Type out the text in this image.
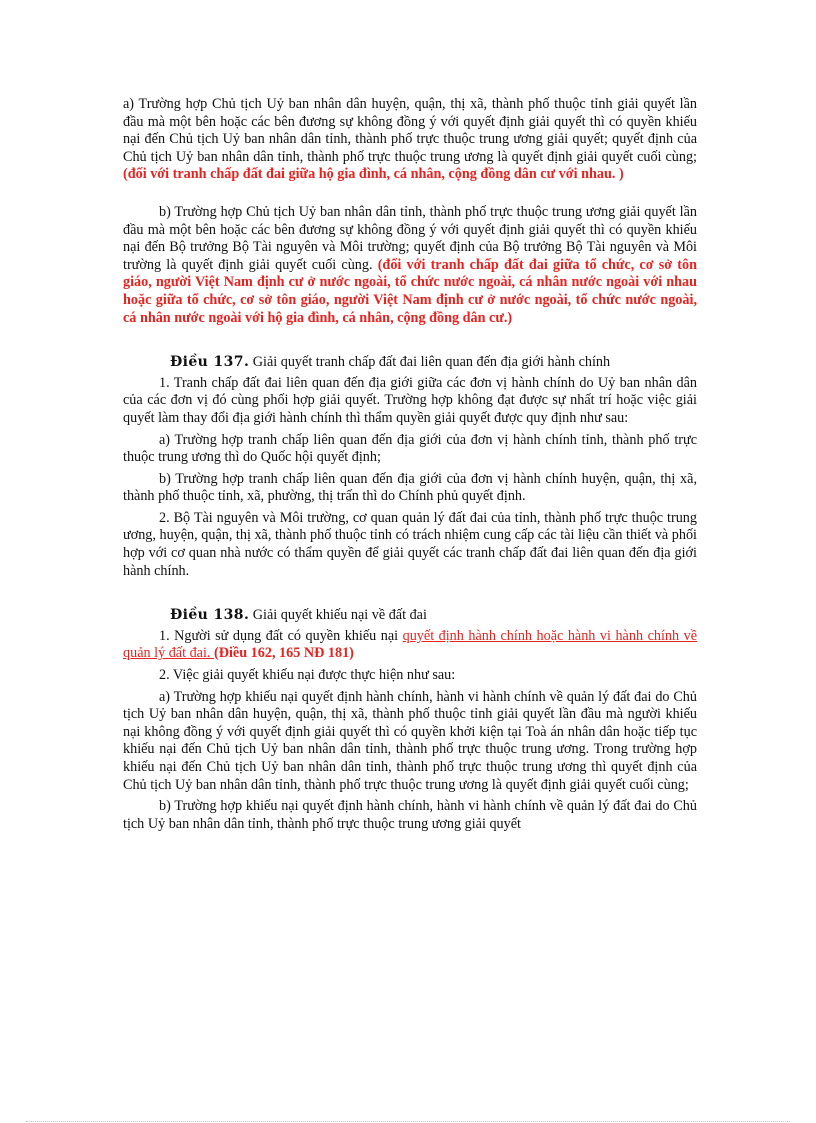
a) Trường hợp Chủ tịch Uỷ ban nhân dân huyện, quận, thị xã, thành phố thuộc tỉnh giải quyết lần đầu mà một bên hoặc các bên đương sự không đồng ý với quyết định giải quyết thì có quyền khiếu nại đến Chủ tịch Uỷ ban nhân dân tỉnh, thành phố trực thuộc trung ương giải quyết; quyết định của Chủ tịch Uỷ ban nhân dân tỉnh, thành phố trực thuộc trung ương là quyết định giải quyết cuối cùng; (đối với tranh chấp đất đai giữa hộ gia đình, cá nhân, cộng đồng dân cư với nhau. )

b) Trường hợp Chủ tịch Uỷ ban nhân dân tỉnh, thành phố trực thuộc trung ương giải quyết lần đầu mà một bên hoặc các bên đương sự không đồng ý với quyết định giải quyết thì có quyền khiếu nại đến Bộ trưởng Bộ Tài nguyên và Môi trường; quyết định của Bộ trưởng Bộ Tài nguyên và Môi trường là quyết định giải quyết cuối cùng. (đối với tranh chấp đất đai giữa tổ chức, cơ sở tôn giáo, người Việt Nam định cư ở nước ngoài, tổ chức nước ngoài, cá nhân nước ngoài với nhau hoặc giữa tổ chức, cơ sở tôn giáo, người Việt Nam định cư ở nước ngoài, tổ chức nước ngoài, cá nhân nước ngoài với hộ gia đình, cá nhân, cộng đồng dân cư.)

Điều 137. Giải quyết tranh chấp đất đai liên quan đến địa giới hành chính

1. Tranh chấp đất đai liên quan đến địa giới giữa các đơn vị hành chính do Uỷ ban nhân dân của các đơn vị đó cùng phối hợp giải quyết. Trường hợp không đạt được sự nhất trí hoặc việc giải quyết làm thay đổi địa giới hành chính thì thẩm quyền giải quyết được quy định như sau:

a) Trường hợp tranh chấp liên quan đến địa giới của đơn vị hành chính tỉnh, thành phố trực thuộc trung ương thì do Quốc hội quyết định;

b) Trường hợp tranh chấp liên quan đến địa giới của đơn vị hành chính huyện, quận, thị xã, thành phố thuộc tỉnh, xã, phường, thị trấn thì do Chính phủ quyết định.

2. Bộ Tài nguyên và Môi trường, cơ quan quản lý đất đai của tỉnh, thành phố trực thuộc trung ương, huyện, quận, thị xã, thành phố thuộc tỉnh có trách nhiệm cung cấp các tài liệu cần thiết và phối hợp với cơ quan nhà nước có thẩm quyền để giải quyết các tranh chấp đất đai liên quan đến địa giới hành chính.

Điều 138. Giải quyết khiếu nại về đất đai

1. Người sử dụng đất có quyền khiếu nại quyết định hành chính hoặc hành vi hành chính về quản lý đất đai. (Điều 162, 165 NĐ 181)

2. Việc giải quyết khiếu nại được thực hiện như sau:

a) Trường hợp khiếu nại quyết định hành chính, hành vi hành chính về quản lý đất đai do Chủ tịch Uỷ ban nhân dân huyện, quận, thị xã, thành phố thuộc tỉnh giải quyết lần đầu mà người khiếu nại không đồng ý với quyết định giải quyết thì có quyền khởi kiện tại Toà án nhân dân hoặc tiếp tục khiếu nại đến Chủ tịch Uỷ ban nhân dân tỉnh, thành phố trực thuộc trung ương. Trong trường hợp khiếu nại đến Chủ tịch Uỷ ban nhân dân tỉnh, thành phố trực thuộc trung ương thì quyết định của Chủ tịch Uỷ ban nhân dân tỉnh, thành phố trực thuộc trung ương là quyết định giải quyết cuối cùng;

b) Trường hợp khiếu nại quyết định hành chính, hành vi hành chính về quản lý đất đai do Chủ tịch Uỷ ban nhân dân tỉnh, thành phố trực thuộc trung ương giải quyết
